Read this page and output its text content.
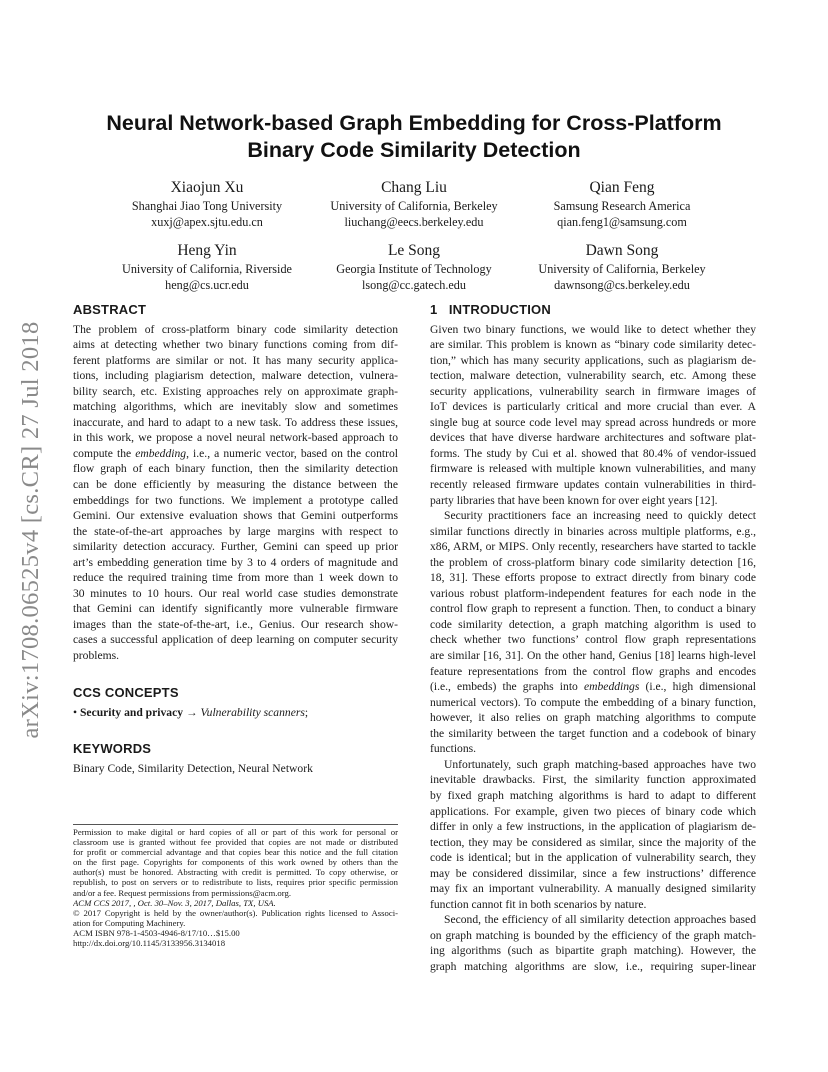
arXiv:1708.06525v4 [cs.CR] 27 Jul 2018
Neural Network-based Graph Embedding for Cross-Platform
Binary Code Similarity Detection
Xiaojun Xu
Shanghai Jiao Tong University
xuxj@apex.sjtu.edu.cn
Chang Liu
University of California, Berkeley
liuchang@eecs.berkeley.edu
Qian Feng
Samsung Research America
qian.feng1@samsung.com
Heng Yin
University of California, Riverside
heng@cs.ucr.edu
Le Song
Georgia Institute of Technology
lsong@cc.gatech.edu
Dawn Song
University of California, Berkeley
dawnsong@cs.berkeley.edu
ABSTRACT
The problem of cross-platform binary code similarity detection
aims at detecting whether two binary functions coming from dif-
ferent platforms are similar or not. It has many security applica-
tions, including plagiarism detection, malware detection, vulnera-
bility search, etc. Existing approaches rely on approximate graph-
matching algorithms, which are inevitably slow and sometimes
inaccurate, and hard to adapt to a new task. To address these issues,
in this work, we propose a novel neural network-based approach to
compute the embedding, i.e., a numeric vector, based on the control
flow graph of each binary function, then the similarity detection
can be done efficiently by measuring the distance between the
embeddings for two functions. We implement a prototype called
Gemini. Our extensive evaluation shows that Gemini outperforms
the state-of-the-art approaches by large margins with respect to
similarity detection accuracy. Further, Gemini can speed up prior
art’s embedding generation time by 3 to 4 orders of magnitude and
reduce the required training time from more than 1 week down to
30 minutes to 10 hours. Our real world case studies demonstrate
that Gemini can identify significantly more vulnerable firmware
images than the state-of-the-art, i.e., Genius. Our research show-
cases a successful application of deep learning on computer security
problems.
CCS CONCEPTS
• Security and privacy → Vulnerability scanners;
KEYWORDS
Binary Code, Similarity Detection, Neural Network
Permission to make digital or hard copies of all or part of this work for personal or
classroom use is granted without fee provided that copies are not made or distributed
for profit or commercial advantage and that copies bear this notice and the full citation
on the first page. Copyrights for components of this work owned by others than the
author(s) must be honored. Abstracting with credit is permitted. To copy otherwise, or
republish, to post on servers or to redistribute to lists, requires prior specific permission
and/or a fee. Request permissions from permissions@acm.org.
ACM CCS 2017, , Oct. 30–Nov. 3, 2017, Dallas, TX, USA.
© 2017 Copyright is held by the owner/author(s). Publication rights licensed to Associ-
ation for Computing Machinery.
ACM ISBN 978-1-4503-4946-8/17/10…$15.00
http://dx.doi.org/10.1145/3133956.3134018
1 INTRODUCTION
Given two binary functions, we would like to detect whether they
are similar. This problem is known as “binary code similarity detec-
tion,” which has many security applications, such as plagiarism de-
tection, malware detection, vulnerability search, etc. Among these
security applications, vulnerability search in firmware images of
IoT devices is particularly critical and more crucial than ever. A
single bug at source code level may spread across hundreds or more
devices that have diverse hardware architectures and software plat-
forms. The study by Cui et al. showed that 80.4% of vendor-issued
firmware is released with multiple known vulnerabilities, and many
recently released firmware updates contain vulnerabilities in third-
party libraries that have been known for over eight years [12].
Security practitioners face an increasing need to quickly detect
similar functions directly in binaries across multiple platforms, e.g.,
x86, ARM, or MIPS. Only recently, researchers have started to tackle
the problem of cross-platform binary code similarity detection [16,
18, 31]. These efforts propose to extract directly from binary code
various robust platform-independent features for each node in the
control flow graph to represent a function. Then, to conduct a binary
code similarity detection, a graph matching algorithm is used to
check whether two functions’ control flow graph representations
are similar [16, 31]. On the other hand, Genius [18] learns high-level
feature representations from the control flow graphs and encodes
(i.e., embeds) the graphs into embeddings (i.e., high dimensional
numerical vectors). To compute the embedding of a binary function,
however, it also relies on graph matching algorithms to compute
the similarity between the target function and a codebook of binary
functions.
Unfortunately, such graph matching-based approaches have two
inevitable drawbacks. First, the similarity function approximated
by fixed graph matching algorithms is hard to adapt to different
applications. For example, given two pieces of binary code which
differ in only a few instructions, in the application of plagiarism de-
tection, they may be considered as similar, since the majority of the
code is identical; but in the application of vulnerability search, they
may be considered dissimilar, since a few instructions’ difference
may fix an important vulnerability. A manually designed similarity
function cannot fit in both scenarios by nature.
Second, the efficiency of all similarity detection approaches based
on graph matching is bounded by the efficiency of the graph match-
ing algorithms (such as bipartite graph matching). However, the
graph matching algorithms are slow, i.e., requiring super-linear
